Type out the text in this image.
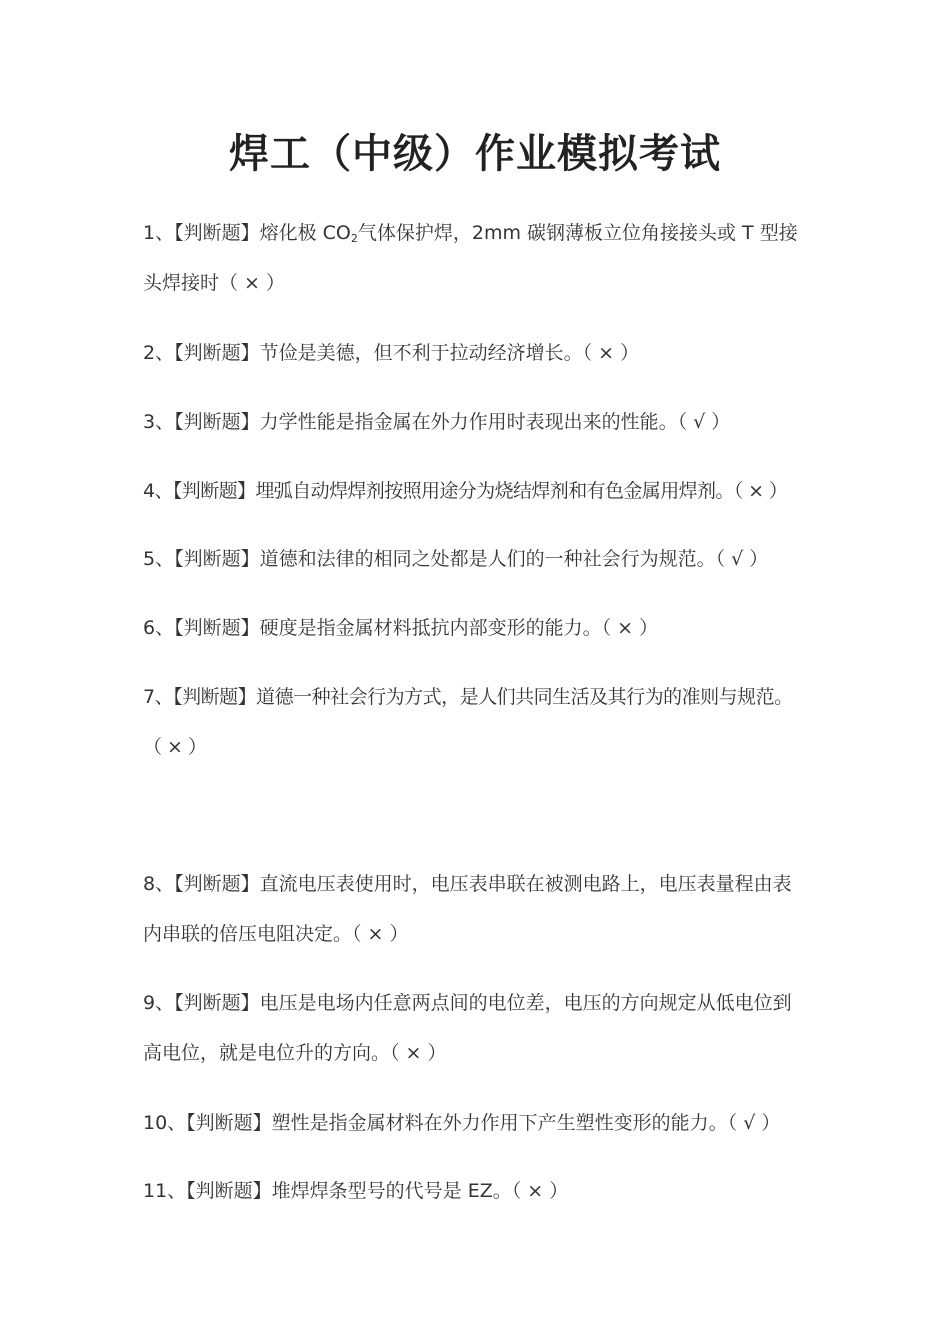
焊工（中级）作业模拟考试
1、【判断题】熔化极 $CO_2$气体保护焊，2mm 碳钢薄板立位角接接头或 T 型接
头焊接时（ × ）
2、【判断题】节俭是美德，但不利于拉动经济增长。（ × ）
3、【判断题】力学性能是指金属在外力作用时表现出来的性能。（ √ ）
4、【判断题】埋弧自动焊焊剂按照用途分为烧结焊剂和有色金属用焊剂。（ × ）
5、【判断题】道德和法律的相同之处都是人们的一种社会行为规范。（ √ ）
6、【判断题】硬度是指金属材料抵抗内部变形的能力。（ × ）
7、【判断题】道德一种社会行为方式，是人们共同生活及其行为的准则与规范。
（ × ）
8、【判断题】直流电压表使用时，电压表串联在被测电路上，电压表量程由表
内串联的倍压电阻决定。（ × ）
9、【判断题】电压是电场内任意两点间的电位差，电压的方向规定从低电位到
高电位，就是电位升的方向。（ × ）
10、【判断题】塑性是指金属材料在外力作用下产生塑性变形的能力。（ √ ）
11、【判断题】堆焊焊条型号的代号是 EZ。（ × ）
